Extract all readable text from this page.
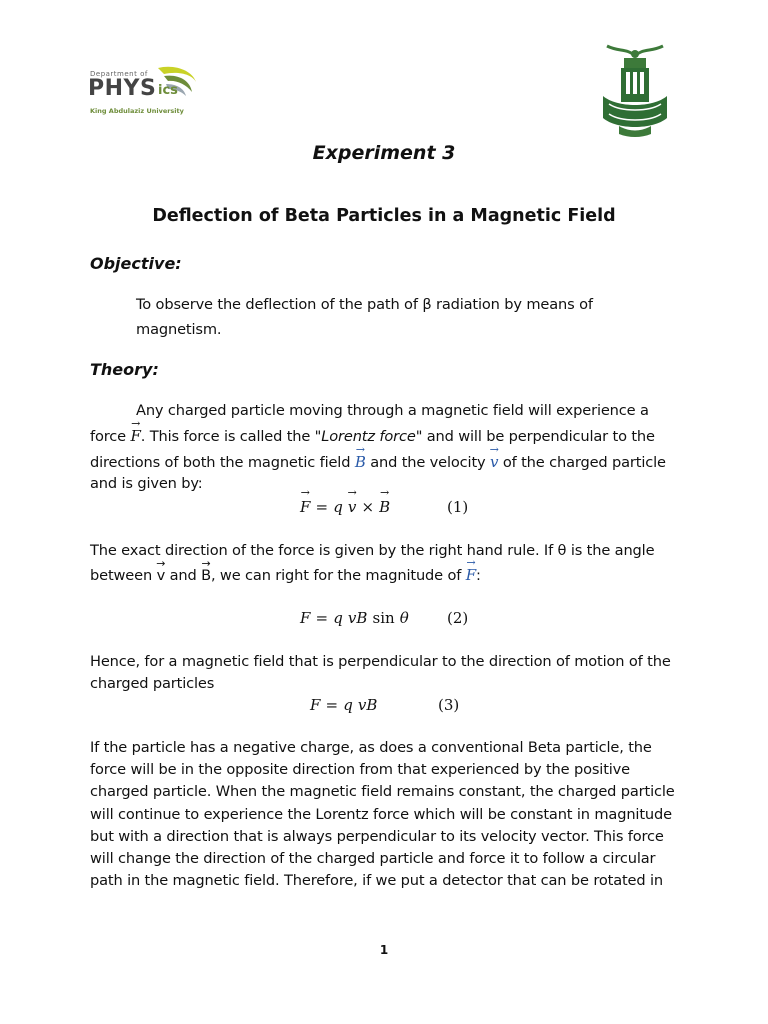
Department of
PHYS ics
King Abdulaziz University
Experiment 3
Deflection of Beta Particles in a Magnetic Field
Objective:
To observe the deflection of the path of β radiation by means of
magnetism.
Theory:
Any charged particle moving through a magnetic field will experience a
force F →. This force is called the "Lorentz force" and will be perpendicular to the
directions of both the magnetic field B → and the velocity v → of the charged particle
and is given by:
F → = q v → × B →	(1)
The exact direction of the force is given by the right hand rule. If θ is the angle
between v → and B →, we can right for the magnitude of F →:
F = q vB sin θ	(2)
Hence, for a magnetic field that is perpendicular to the direction of motion of the
charged particles
F = q vB	(3)
If the particle has a negative charge, as does a conventional Beta particle, the
force will be in the opposite direction from that experienced by the positive
charged particle. When the magnetic field remains constant, the charged particle
will continue to experience the Lorentz force which will be constant in magnitude
but with a direction that is always perpendicular to its velocity vector. This force
will change the direction of the charged particle and force it to follow a circular
path in the magnetic field. Therefore, if we put a detector that can be rotated in
1
